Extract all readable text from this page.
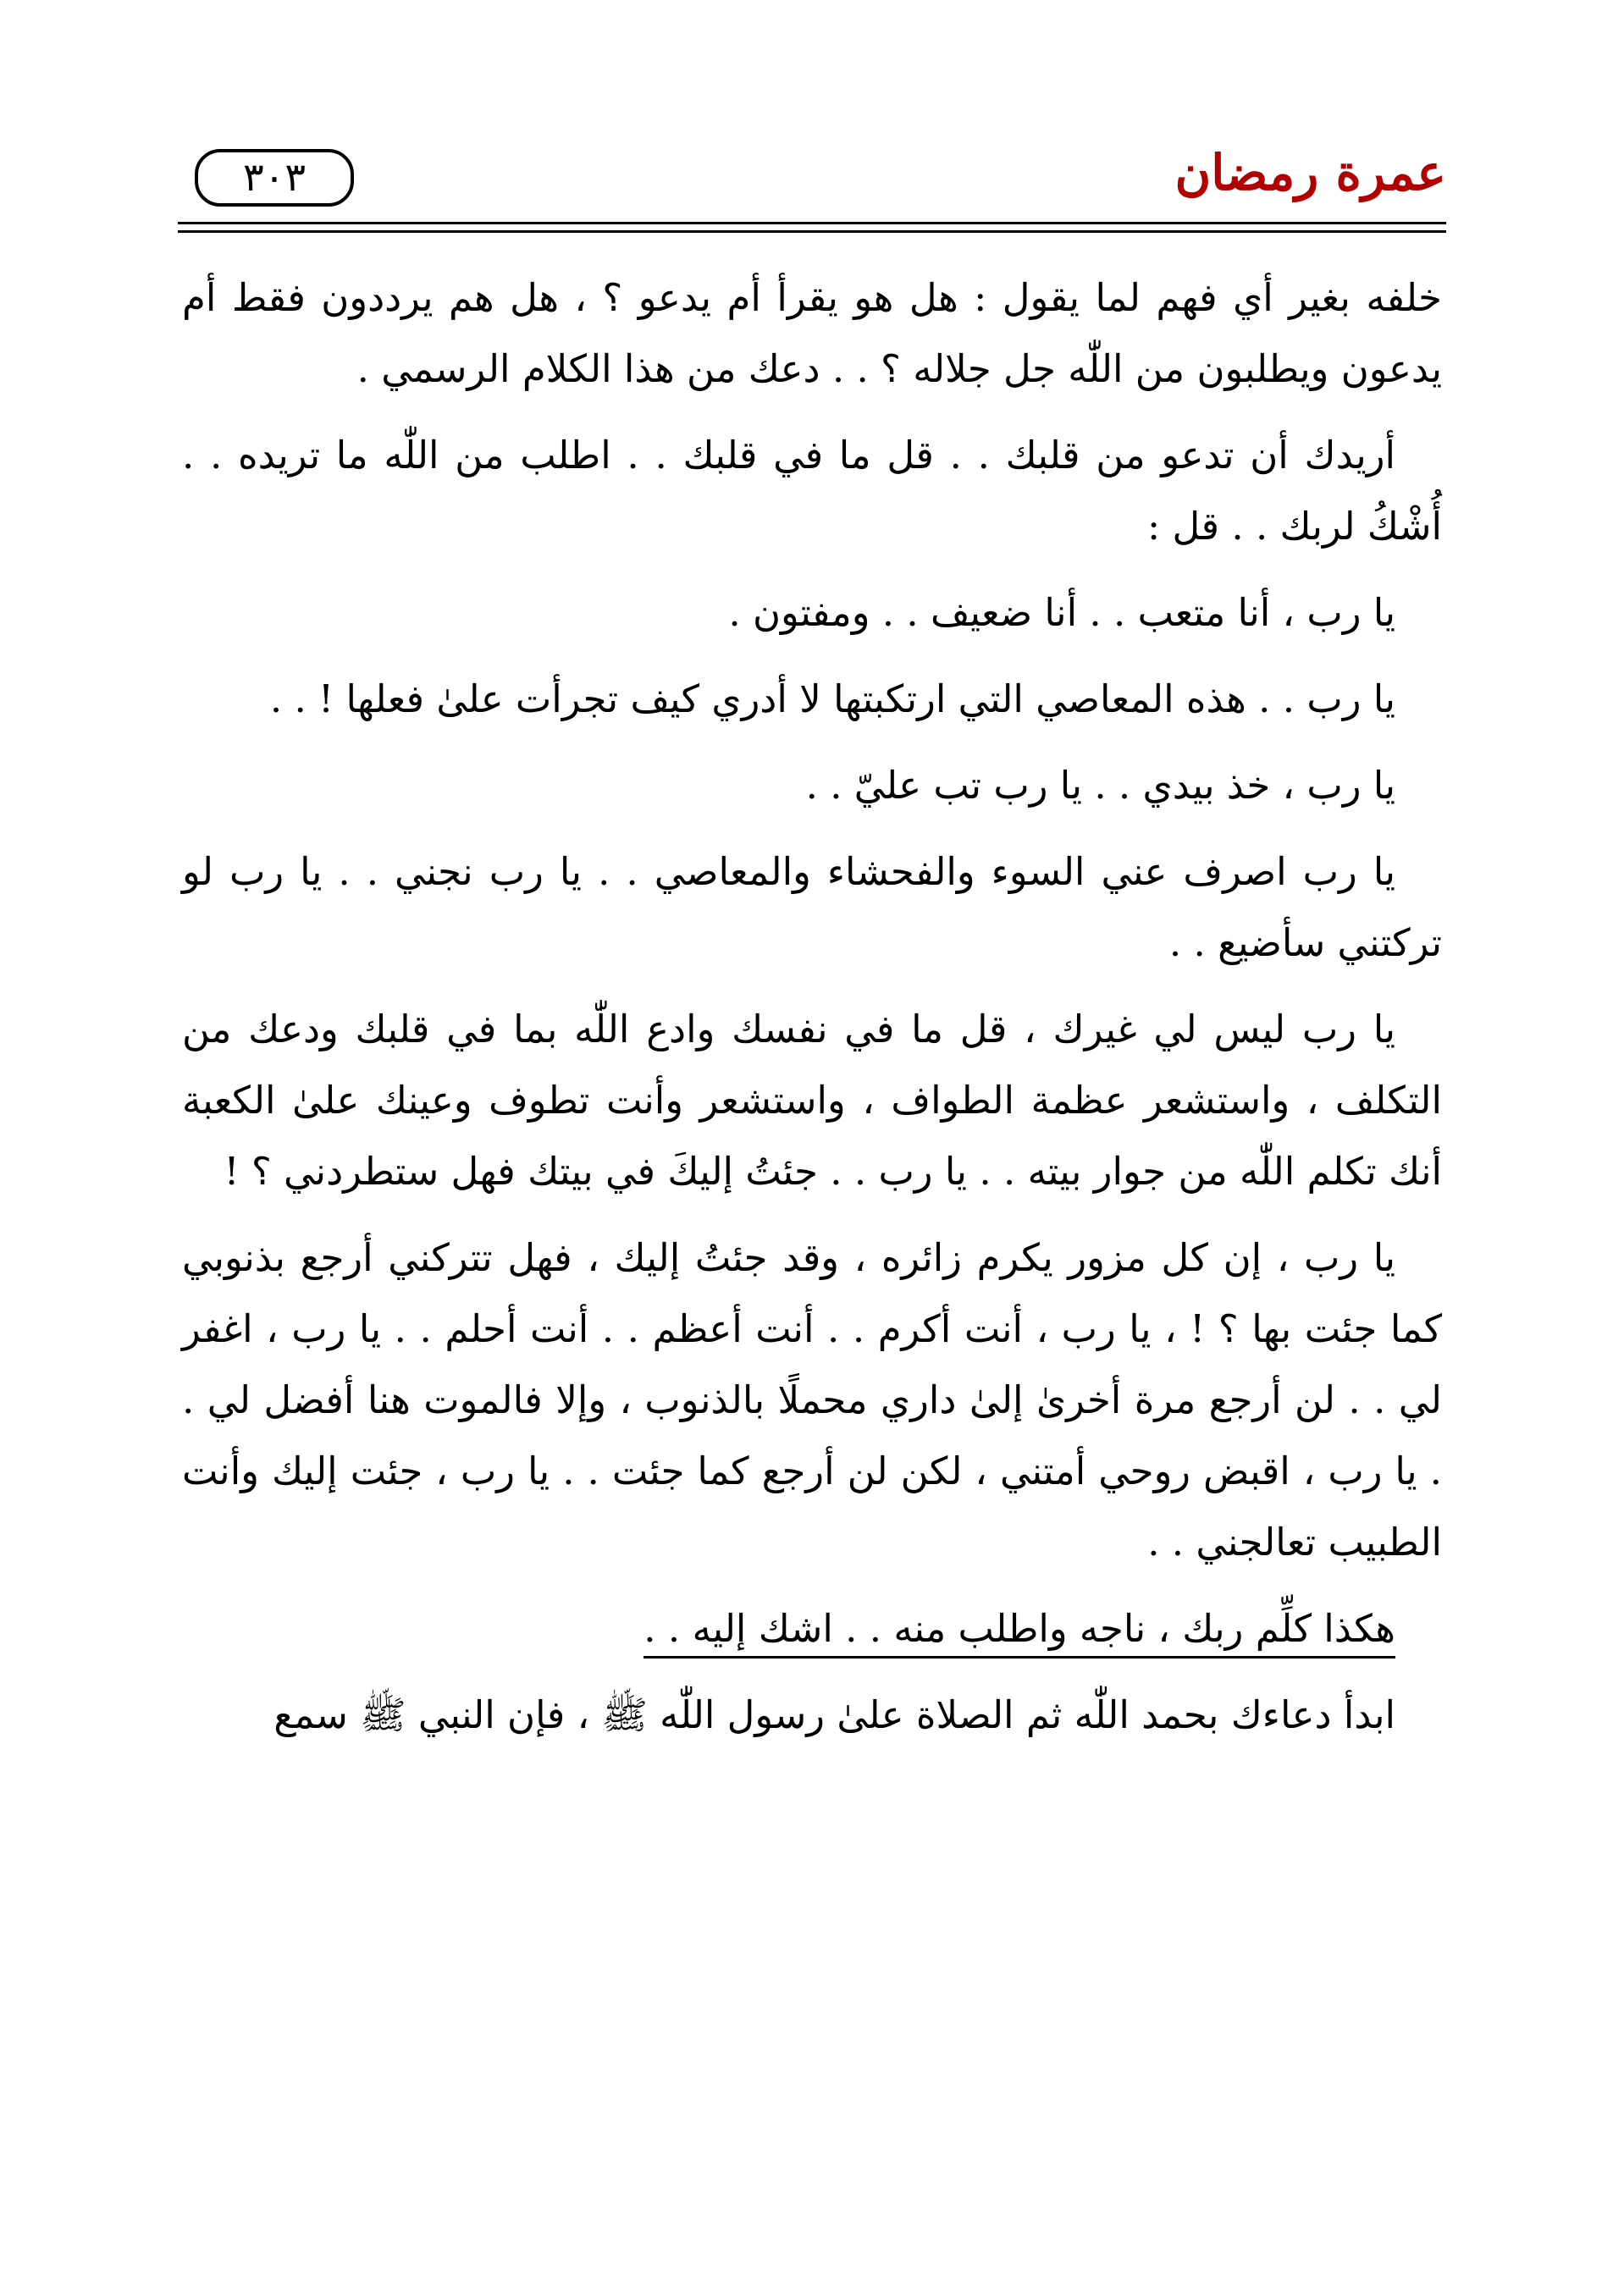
عمرة رمضان
٣٠٣

خلفه بغير أي فهم لما يقول : هل هو يقرأ أم يدعو ؟ ، هل هم يرددون فقط أم يدعون ويطلبون من اللّٰه جل جلاله ؟ . . دعك من هذا الكلام الرسمي .

أريدك أن تدعو من قلبك . . قل ما في قلبك . . اطلب من اللّٰه ما تريده . . أُشْكُ لربك . . قل :

يا رب ، أنا متعب . . أنا ضعيف . . ومفتون .

يا رب . . هذه المعاصي التي ارتكبتها لا أدري كيف تجرأت علىٰ فعلها ! . .

يا رب ، خذ بيدي . . يا رب تب عليّ . .

يا رب اصرف عني السوء والفحشاء والمعاصي . . يا رب نجني . . يا رب لو تركتني سأضيع . .

يا رب ليس لي غيرك ، قل ما في نفسك وادع اللّٰه بما في قلبك ودعك من التكلف ، واستشعر عظمة الطواف ، واستشعر وأنت تطوف وعينك علىٰ الكعبة أنك تكلم اللّٰه من جوار بيته . . يا رب . . جئتُ إليكَ في بيتك فهل ستطردني ؟ !

يا رب ، إن كل مزور يكرم زائره ، وقد جئتُ إليك ، فهل تتركني أرجع بذنوبي كما جئت بها ؟ ! ، يا رب ، أنت أكرم . . أنت أعظم . . أنت أحلم . . يا رب ، اغفر لي . . لن أرجع مرة أخرىٰ إلىٰ داري محملًا بالذنوب ، وإلا فالموت هنا أفضل لي . . يا رب ، اقبض روحي أمتني ، لكن لن أرجع كما جئت . . يا رب ، جئت إليك وأنت الطبيب تعالجني . .

هكذا كلِّم ربك ، ناجه واطلب منه . . اشك إليه . .

ابدأ دعاءك بحمد اللّٰه ثم الصلاة علىٰ رسول اللّٰه ﷺ ، فإن النبي ﷺ سمع
